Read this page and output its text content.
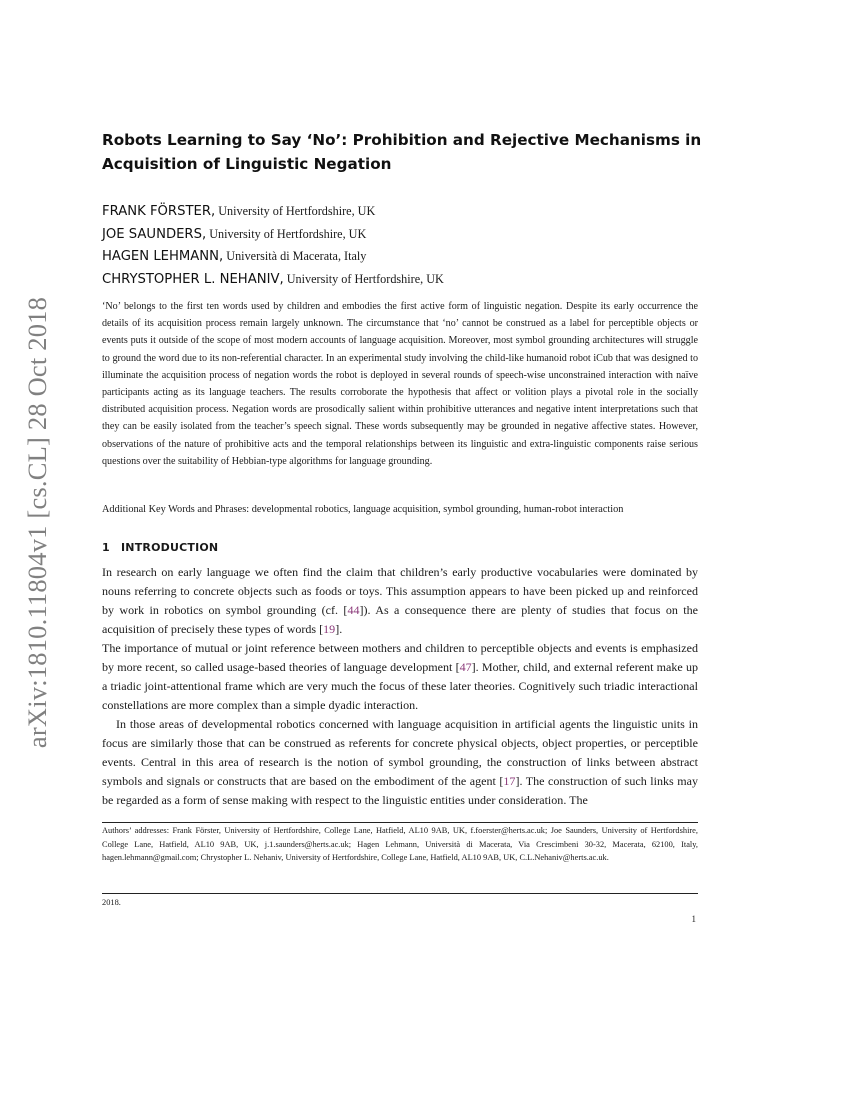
arXiv:1810.11804v1 [cs.CL] 28 Oct 2018
Robots Learning to Say ‘No’: Prohibition and Rejective Mechanisms in Acquisition of Linguistic Negation
FRANK FÖRSTER, University of Hertfordshire, UK
JOE SAUNDERS, University of Hertfordshire, UK
HAGEN LEHMANN, Università di Macerata, Italy
CHRYSTOPHER L. NEHANIV, University of Hertfordshire, UK

‘No’ belongs to the first ten words used by children and embodies the first active form of linguistic negation. Despite its early occurrence the details of its acquisition process remain largely unknown. The circumstance that ‘no’ cannot be construed as a label for perceptible objects or events puts it outside of the scope of most modern accounts of language acquisition. Moreover, most symbol grounding architectures will struggle to ground the word due to its non-referential character. In an experimental study involving the child-like humanoid robot iCub that was designed to illuminate the acquisition process of negation words the robot is deployed in several rounds of speech-wise unconstrained interaction with naïve participants acting as its language teachers. The results corroborate the hypothesis that affect or volition plays a pivotal role in the socially distributed acquisition process. Negation words are prosodically salient within prohibitive utterances and negative intent interpretations such that they can be easily isolated from the teacher’s speech signal. These words subsequently may be grounded in negative affective states. However, observations of the nature of prohibitive acts and the temporal relationships between its linguistic and extra-linguistic components raise serious questions over the suitability of Hebbian-type algorithms for language grounding.

Additional Key Words and Phrases: developmental robotics, language acquisition, symbol grounding, human-robot interaction

1 INTRODUCTION

In research on early language we often find the claim that children’s early productive vocabularies were dominated by nouns referring to concrete objects such as foods or toys. This assumption appears to have been picked up and reinforced by work in robotics on symbol grounding (cf. [44]). As a consequence there are plenty of studies that focus on the acquisition of precisely these types of words [19].

The importance of mutual or joint reference between mothers and children to perceptible objects and events is emphasized by more recent, so called usage-based theories of language development [47]. Mother, child, and external referent make up a triadic joint-attentional frame which are very much the focus of these later theories. Cognitively such triadic interactional constellations are more complex than a simple dyadic interaction.

In those areas of developmental robotics concerned with language acquisition in artificial agents the linguistic units in focus are similarly those that can be construed as referents for concrete physical objects, object properties, or perceptible events. Central in this area of research is the notion of symbol grounding, the construction of links between abstract symbols and signals or constructs that are based on the embodiment of the agent [17]. The construction of such links may be regarded as a form of sense making with respect to the linguistic entities under consideration. The

Authors’ addresses: Frank Förster, University of Hertfordshire, College Lane, Hatfield, AL10 9AB, UK, f.foerster@herts.ac.uk; Joe Saunders, University of Hertfordshire, College Lane, Hatfield, AL10 9AB, UK, j.1.saunders@herts.ac.uk; Hagen Lehmann, Università di Macerata, Via Crescimbeni 30-32, Macerata, 62100, Italy, hagen.lehmann@gmail.com; Chrystopher L. Nehaniv, University of Hertfordshire, College Lane, Hatfield, AL10 9AB, UK, C.L.Nehaniv@herts.ac.uk.

2018.

1
